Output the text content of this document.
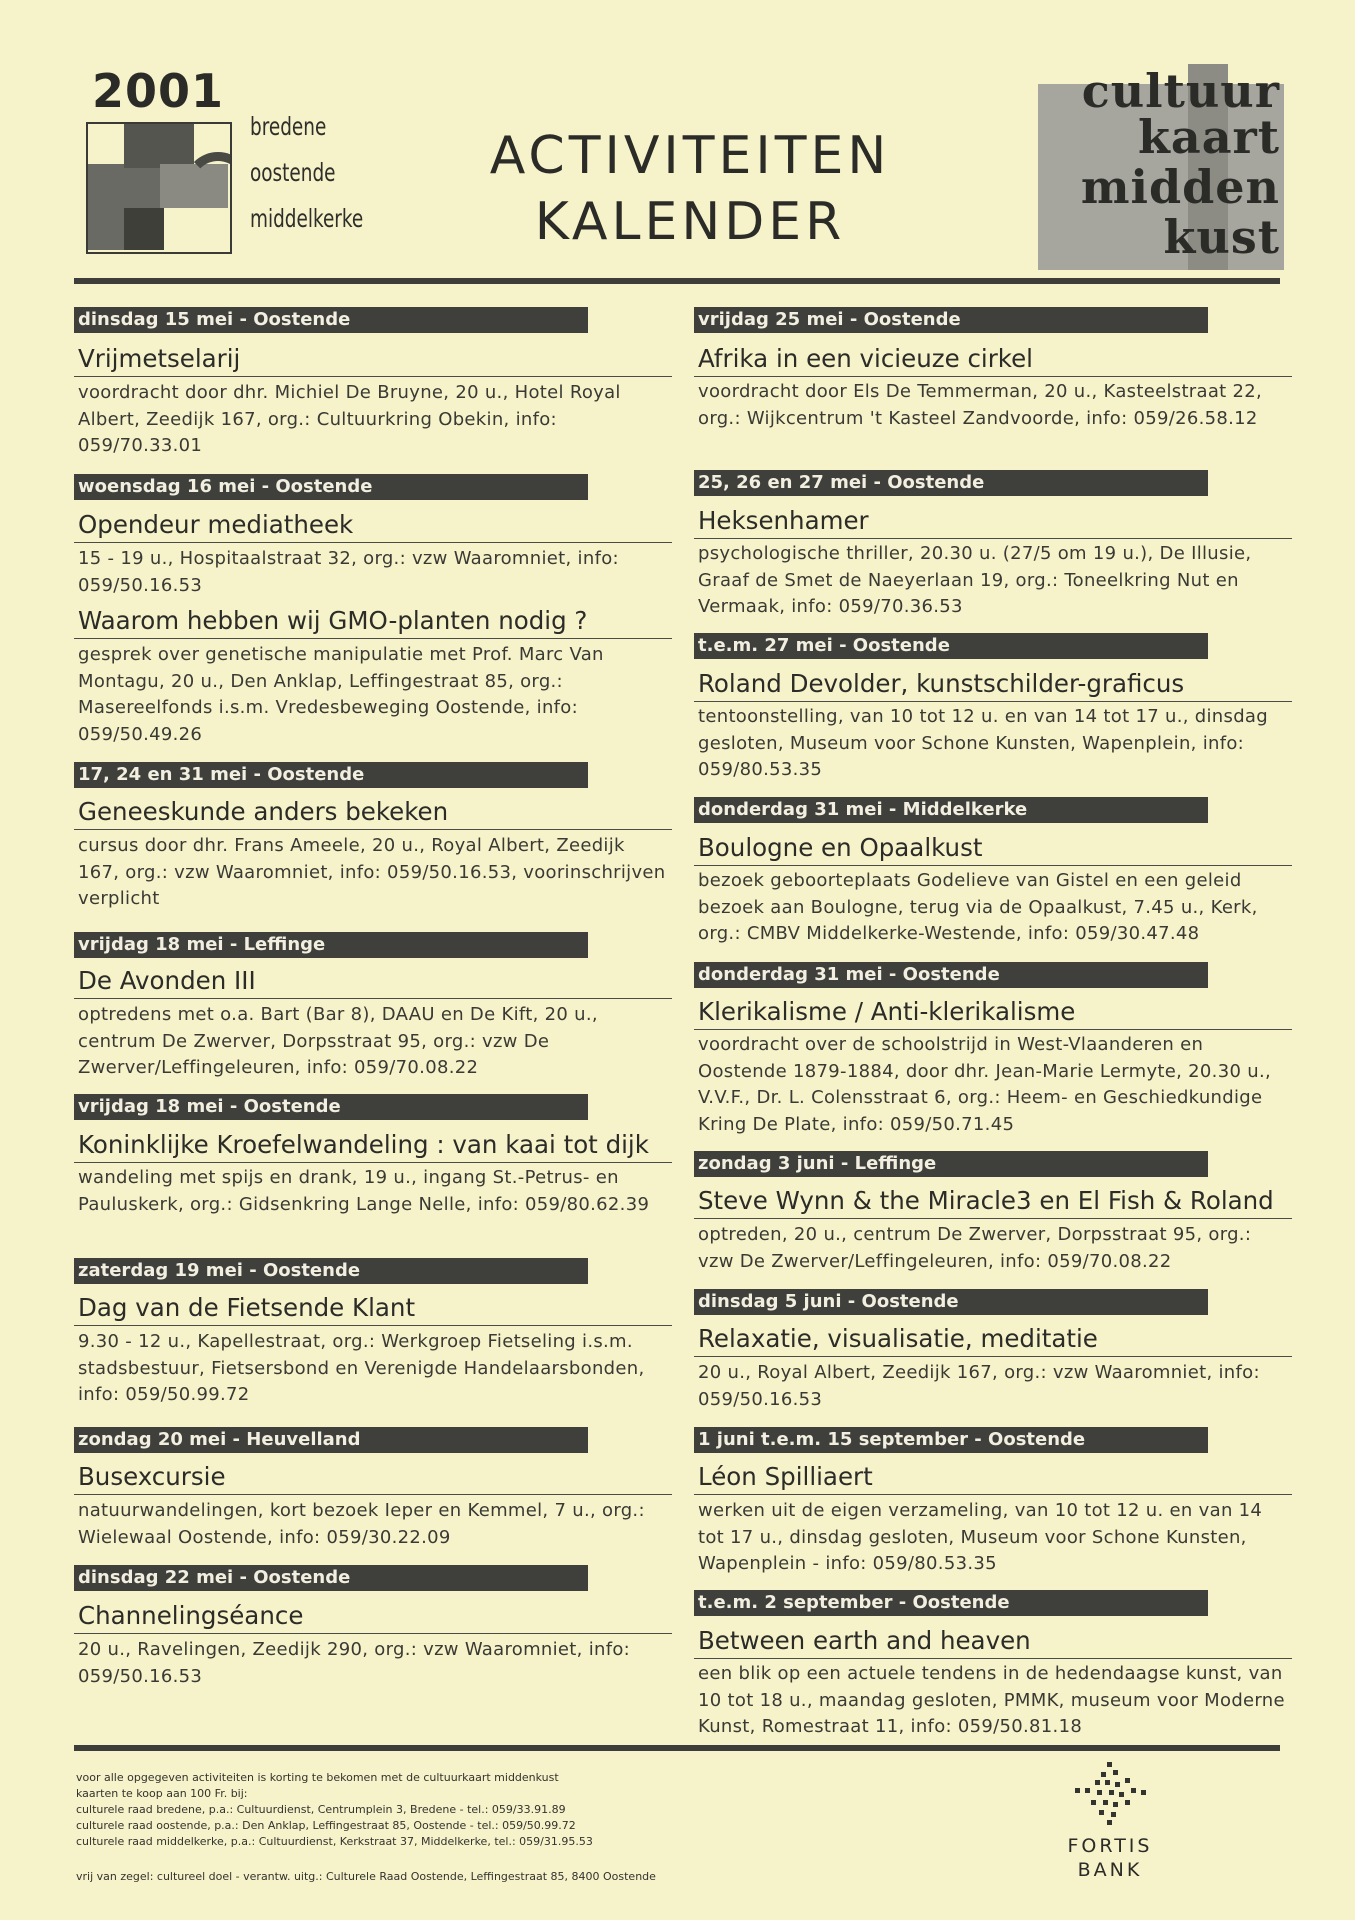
2001
bredene
oostende
middelkerke
ACTIVITEITEN
KALENDER
cultuur
kaart
midden
kust
dinsdag 15 mei - Oostende
Vrijmetselarij
voordracht door dhr. Michiel De Bruyne, 20 u., Hotel Royal Albert, Zeedijk 167, org.: Cultuurkring Obekin, info: 059/70.33.01
woensdag 16 mei - Oostende
Opendeur mediatheek
15 - 19 u., Hospitaalstraat 32, org.: vzw Waaromniet, info: 059/50.16.53
Waarom hebben wij GMO-planten nodig ?
gesprek over genetische manipulatie met Prof. Marc Van Montagu, 20 u., Den Anklap, Leffingestraat 85, org.: Masereelfonds i.s.m. Vredesbeweging Oostende, info: 059/50.49.26
17, 24 en 31 mei - Oostende
Geneeskunde anders bekeken
cursus door dhr. Frans Ameele, 20 u., Royal Albert, Zeedijk 167, org.: vzw Waaromniet, info: 059/50.16.53, voorinschrijven verplicht
vrijdag 18 mei - Leffinge
De Avonden III
optredens met o.a. Bart (Bar 8), DAAU en De Kift, 20 u., centrum De Zwerver, Dorpsstraat 95, org.: vzw De Zwerver/Leffingeleuren, info: 059/70.08.22
vrijdag 18 mei - Oostende
Koninklijke Kroefelwandeling : van kaai tot dijk
wandeling met spijs en drank, 19 u., ingang St.-Petrus- en Pauluskerk, org.: Gidsenkring Lange Nelle, info: 059/80.62.39
zaterdag 19 mei - Oostende
Dag van de Fietsende Klant
9.30 - 12 u., Kapellestraat, org.: Werkgroep Fietseling i.s.m. stadsbestuur, Fietsersbond en Verenigde Handelaarsbonden, info: 059/50.99.72
zondag 20 mei - Heuvelland
Busexcursie
natuurwandelingen, kort bezoek Ieper en Kemmel, 7 u., org.: Wielewaal Oostende, info: 059/30.22.09
dinsdag 22 mei - Oostende
Channelingséance
20 u., Ravelingen, Zeedijk 290, org.: vzw Waaromniet, info: 059/50.16.53
vrijdag 25 mei - Oostende
Afrika in een vicieuze cirkel
voordracht door Els De Temmerman, 20 u., Kasteelstraat 22, org.: Wijkcentrum 't Kasteel Zandvoorde, info: 059/26.58.12
25, 26 en 27 mei - Oostende
Heksenhamer
psychologische thriller, 20.30 u. (27/5 om 19 u.), De Illusie, Graaf de Smet de Naeyerlaan 19, org.: Toneelkring Nut en Vermaak, info: 059/70.36.53
t.e.m. 27 mei - Oostende
Roland Devolder, kunstschilder-graficus
tentoonstelling, van 10 tot 12 u. en van 14 tot 17 u., dinsdag gesloten, Museum voor Schone Kunsten, Wapenplein, info: 059/80.53.35
donderdag 31 mei - Middelkerke
Boulogne en Opaalkust
bezoek geboorteplaats Godelieve van Gistel en een geleid bezoek aan Boulogne, terug via de Opaalkust, 7.45 u., Kerk, org.: CMBV Middelkerke-Westende, info: 059/30.47.48
donderdag 31 mei - Oostende
Klerikalisme / Anti-klerikalisme
voordracht over de schoolstrijd in West-Vlaanderen en Oostende 1879-1884, door dhr. Jean-Marie Lermyte, 20.30 u., V.V.F., Dr. L. Colensstraat 6, org.: Heem- en Geschiedkundige Kring De Plate, info: 059/50.71.45
zondag 3 juni - Leffinge
Steve Wynn & the Miracle3 en El Fish & Roland
optreden, 20 u., centrum De Zwerver, Dorpsstraat 95, org.: vzw De Zwerver/Leffingeleuren, info: 059/70.08.22
dinsdag 5 juni - Oostende
Relaxatie, visualisatie, meditatie
20 u., Royal Albert, Zeedijk 167, org.: vzw Waaromniet, info: 059/50.16.53
1 juni t.e.m. 15 september - Oostende
Léon Spilliaert
werken uit de eigen verzameling, van 10 tot 12 u. en van 14 tot 17 u., dinsdag gesloten, Museum voor Schone Kunsten, Wapenplein - info: 059/80.53.35
t.e.m. 2 september - Oostende
Between earth and heaven
een blik op een actuele tendens in de hedendaagse kunst, van 10 tot 18 u., maandag gesloten, PMMK, museum voor Moderne Kunst, Romestraat 11, info: 059/50.81.18
voor alle opgegeven activiteiten is korting te bekomen met de cultuurkaart middenkust
kaarten te koop aan 100 Fr. bij:
culturele raad bredene, p.a.: Cultuurdienst, Centrumplein 3, Bredene - tel.: 059/33.91.89
culturele raad oostende, p.a.: Den Anklap, Leffingestraat 85, Oostende - tel.: 059/50.99.72
culturele raad middelkerke, p.a.: Cultuurdienst, Kerkstraat 37, Middelkerke, tel.: 059/31.95.53
vrij van zegel: cultureel doel - verantw. uitg.: Culturele Raad Oostende, Leffingestraat 85, 8400 Oostende
FORTIS
BANK
